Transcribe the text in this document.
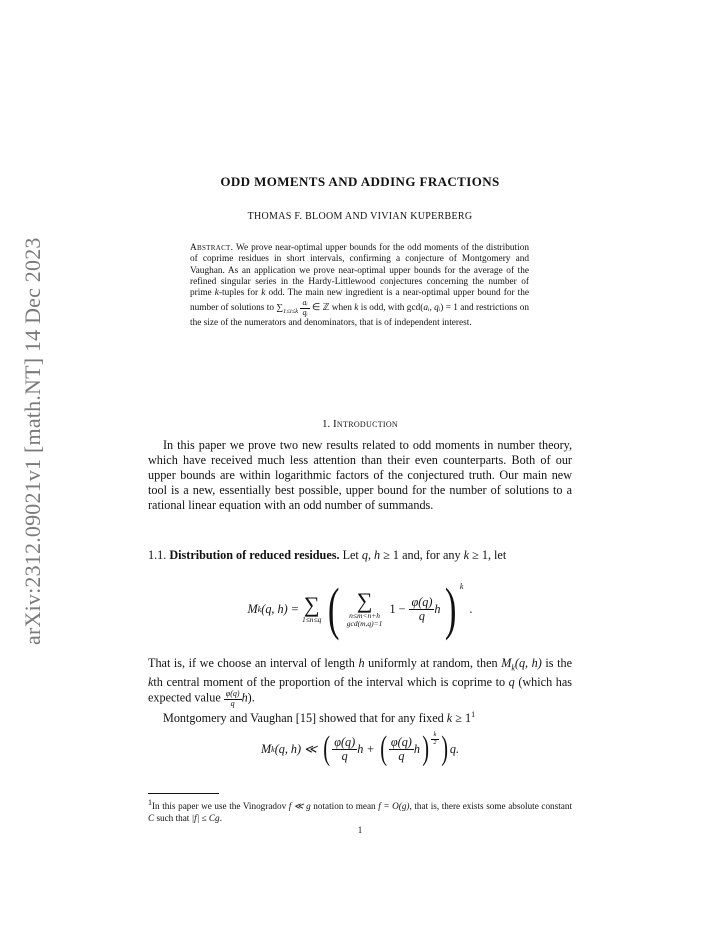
arXiv:2312.09021v1 [math.NT] 14 Dec 2023
ODD MOMENTS AND ADDING FRACTIONS
THOMAS F. BLOOM AND VIVIAN KUPERBERG
Abstract. We prove near-optimal upper bounds for the odd moments of the distribution of coprime residues in short intervals, confirming a conjecture of Montgomery and Vaughan. As an application we prove near-optimal upper bounds for the average of the refined singular series in the Hardy-Littlewood conjectures concerning the number of prime k-tuples for k odd. The main new ingredient is a near-optimal upper bound for the number of solutions to $\sum_{1\le i\le k} \frac{\text{aᵢ}}{\text{qᵢ}}$ ∈ ℤ when k is odd, with gcd(aᵢ, qᵢ) = 1 and restrictions on the size of the numerators and denominators, that is of independent interest.
1. Introduction
In this paper we prove two new results related to odd moments in number theory, which have received much less attention than their even counterparts. Both of our upper bounds are within logarithmic factors of the conjectured truth. Our main new tool is a new, essentially best possible, upper bound for the number of solutions to a rational linear equation with an odd number of summands.
1.1. Distribution of reduced residues. Let q, h ≥ 1 and, for any k ≥ 1, let
M k (q, h) = ∑
1≤n≤q ( ∑
n≤m<n+h
gcd(m,q)=1
$1 - \frac{\varphi(q)}{q}$ h ) k
.
That is, if we choose an interval of length h uniformly at random, then $M_k(q$, h) is the kth central moment of the proportion of the interval which is coprime to q (which has expected value $\frac{\varphi(q)}{q} h$).
Montgomery and Vaughan [15] showed that for any fixed $k \ge 1^1$
M k (q, h) ≪ ( $\frac{\varphi(q)}{q}$ h + ( $\frac{\varphi(q)}{q}$ h ) $\frac{k}{2}$ ) q.
1In this paper we use the Vinogradov f ≪ g notation to mean f = O(g), that is, there exists some absolute constant C such that |f| ≤ Cg.
1
